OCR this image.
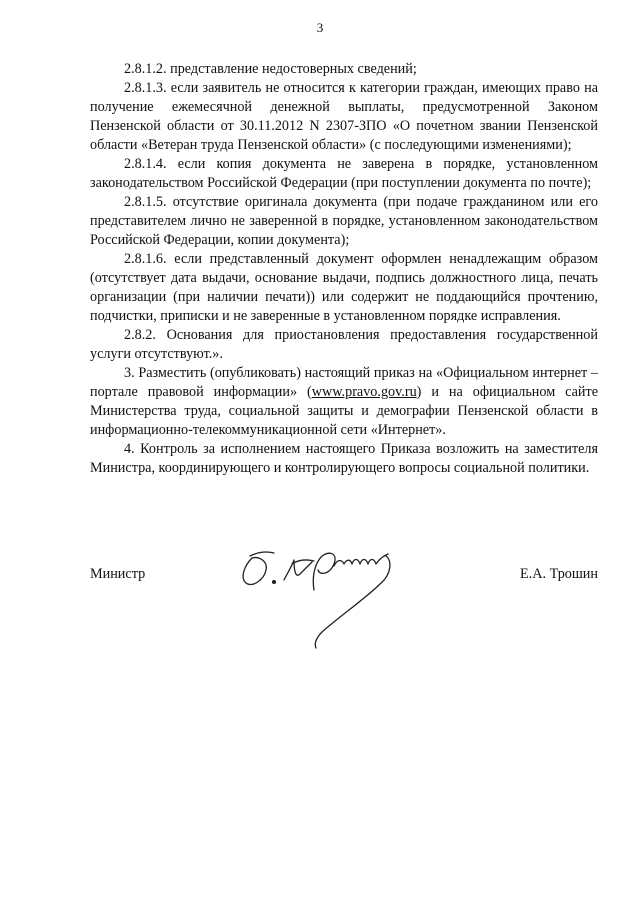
3

2.8.1.2. представление недостоверных сведений;

2.8.1.3. если заявитель не относится к категории граждан, имеющих право на получение ежемесячной денежной выплаты, предусмотренной Законом Пензенской области от 30.11.2012 N 2307-ЗПО «О почетном звании Пензенской области «Ветеран труда Пензенской области» (с последующими изменениями);

2.8.1.4. если копия документа не заверена в порядке, установленном законодательством Российской Федерации (при поступлении документа по почте);

2.8.1.5. отсутствие оригинала документа (при подаче гражданином или его представителем лично не заверенной в порядке, установленном законодательством Российской Федерации, копии документа);

2.8.1.6. если представленный документ оформлен ненадлежащим образом (отсутствует дата выдачи, основание выдачи, подпись должностного лица, печать организации (при наличии печати)) или содержит не поддающийся прочтению, подчистки, приписки и не заверенные в установленном порядке исправления.

2.8.2. Основания для приостановления предоставления государственной услуги отсутствуют.».

3. Разместить (опубликовать) настоящий приказ на «Официальном интернет – портале правовой информации» (www.pravo.gov.ru) и на официальном сайте Министерства труда, социальной защиты и демографии Пензенской области в информационно-телекоммуникационной сети «Интернет».

4. Контроль за исполнением настоящего Приказа возложить на заместителя Министра, координирующего и контролирующего вопросы социальной политики.

Министр	Е.А. Трошин
